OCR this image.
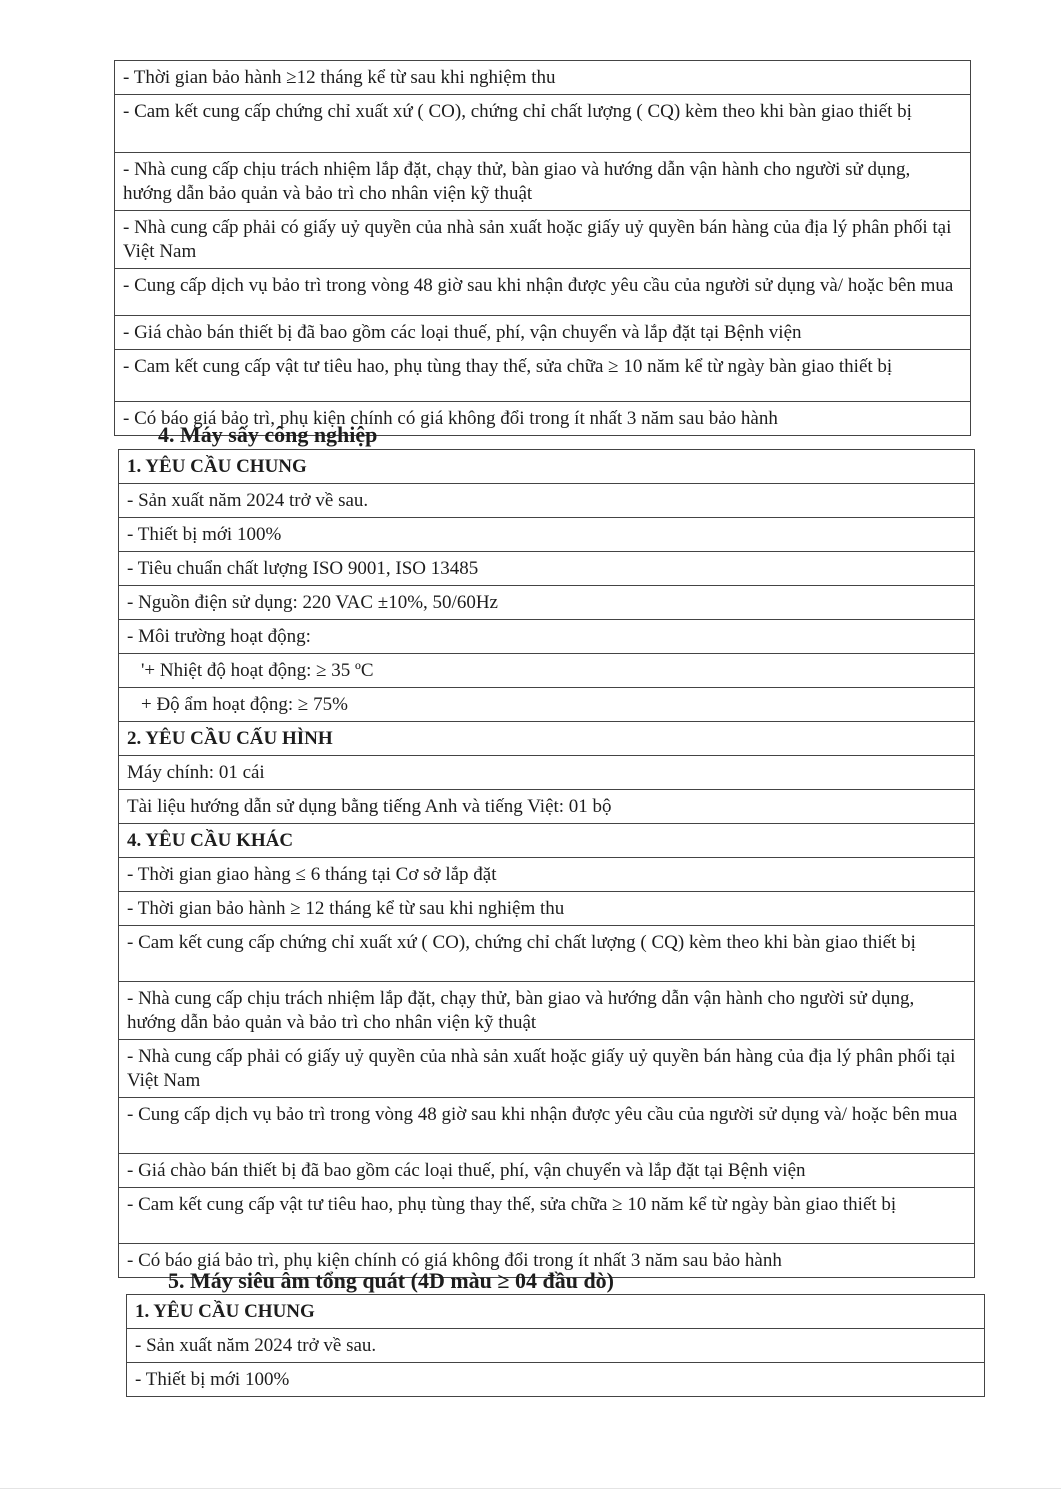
- Thời gian bảo hành ≥12 tháng kể từ sau khi nghiệm thu
- Cam kết cung cấp chứng chỉ xuất xứ ( CO), chứng chỉ chất lượng ( CQ) kèm theo khi bàn giao thiết bị
- Nhà cung cấp chịu trách nhiệm lắp đặt, chạy thử, bàn giao và hướng dẫn vận hành cho người sử dụng, hướng dẫn bảo quản và bảo trì cho nhân viện kỹ thuật
- Nhà cung cấp phải có giấy uỷ quyền của nhà sản xuất hoặc giấy uỷ quyền bán hàng của địa lý phân phối tại Việt Nam
- Cung cấp dịch vụ bảo trì trong vòng 48 giờ sau khi nhận được yêu cầu của người sử dụng và/ hoặc bên mua
- Giá chào bán thiết bị đã bao gồm các loại thuế, phí, vận chuyển và lắp đặt tại Bệnh viện
- Cam kết cung cấp vật tư tiêu hao, phụ tùng thay thế, sửa chữa ≥ 10 năm kể từ ngày bàn giao thiết bị
- Có báo giá bảo trì, phụ kiện chính có giá không đổi trong ít nhất 3 năm sau bảo hành
4. Máy sấy công nghiệp
1. YÊU CẦU CHUNG
- Sản xuất năm 2024 trở về sau.
- Thiết bị mới 100%
- Tiêu chuẩn chất lượng ISO 9001, ISO 13485
- Nguồn điện sử dụng: 220 VAC ±10%, 50/60Hz
- Môi trường hoạt động:
'+ Nhiệt độ hoạt động: ≥ 35 ºC
+ Độ ẩm hoạt động: ≥ 75%
2. YÊU CẦU CẤU HÌNH
Máy chính: 01 cái
Tài liệu hướng dẫn sử dụng bằng tiếng Anh và tiếng Việt: 01 bộ
4. YÊU CẦU KHÁC
- Thời gian giao hàng ≤ 6 tháng tại Cơ sở lắp đặt
- Thời gian bảo hành ≥ 12 tháng kể từ sau khi nghiệm thu
- Cam kết cung cấp chứng chỉ xuất xứ ( CO), chứng chỉ chất lượng ( CQ) kèm theo khi bàn giao thiết bị
- Nhà cung cấp chịu trách nhiệm lắp đặt, chạy thử, bàn giao và hướng dẫn vận hành cho người sử dụng, hướng dẫn bảo quản và bảo trì cho nhân viện kỹ thuật
- Nhà cung cấp phải có giấy uỷ quyền của nhà sản xuất hoặc giấy uỷ quyền bán hàng của địa lý phân phối tại Việt Nam
- Cung cấp dịch vụ bảo trì trong vòng 48 giờ sau khi nhận được yêu cầu của người sử dụng và/ hoặc bên mua
- Giá chào bán thiết bị đã bao gồm các loại thuế, phí, vận chuyển và lắp đặt tại Bệnh viện
- Cam kết cung cấp vật tư tiêu hao, phụ tùng thay thế, sửa chữa ≥ 10 năm kể từ ngày bàn giao thiết bị
- Có báo giá bảo trì, phụ kiện chính có giá không đổi trong ít nhất 3 năm sau bảo hành
5. Máy siêu âm tổng quát (4D màu ≥ 04 đầu dò)
1. YÊU CẦU CHUNG
- Sản xuất năm 2024 trở về sau.
- Thiết bị mới 100%
